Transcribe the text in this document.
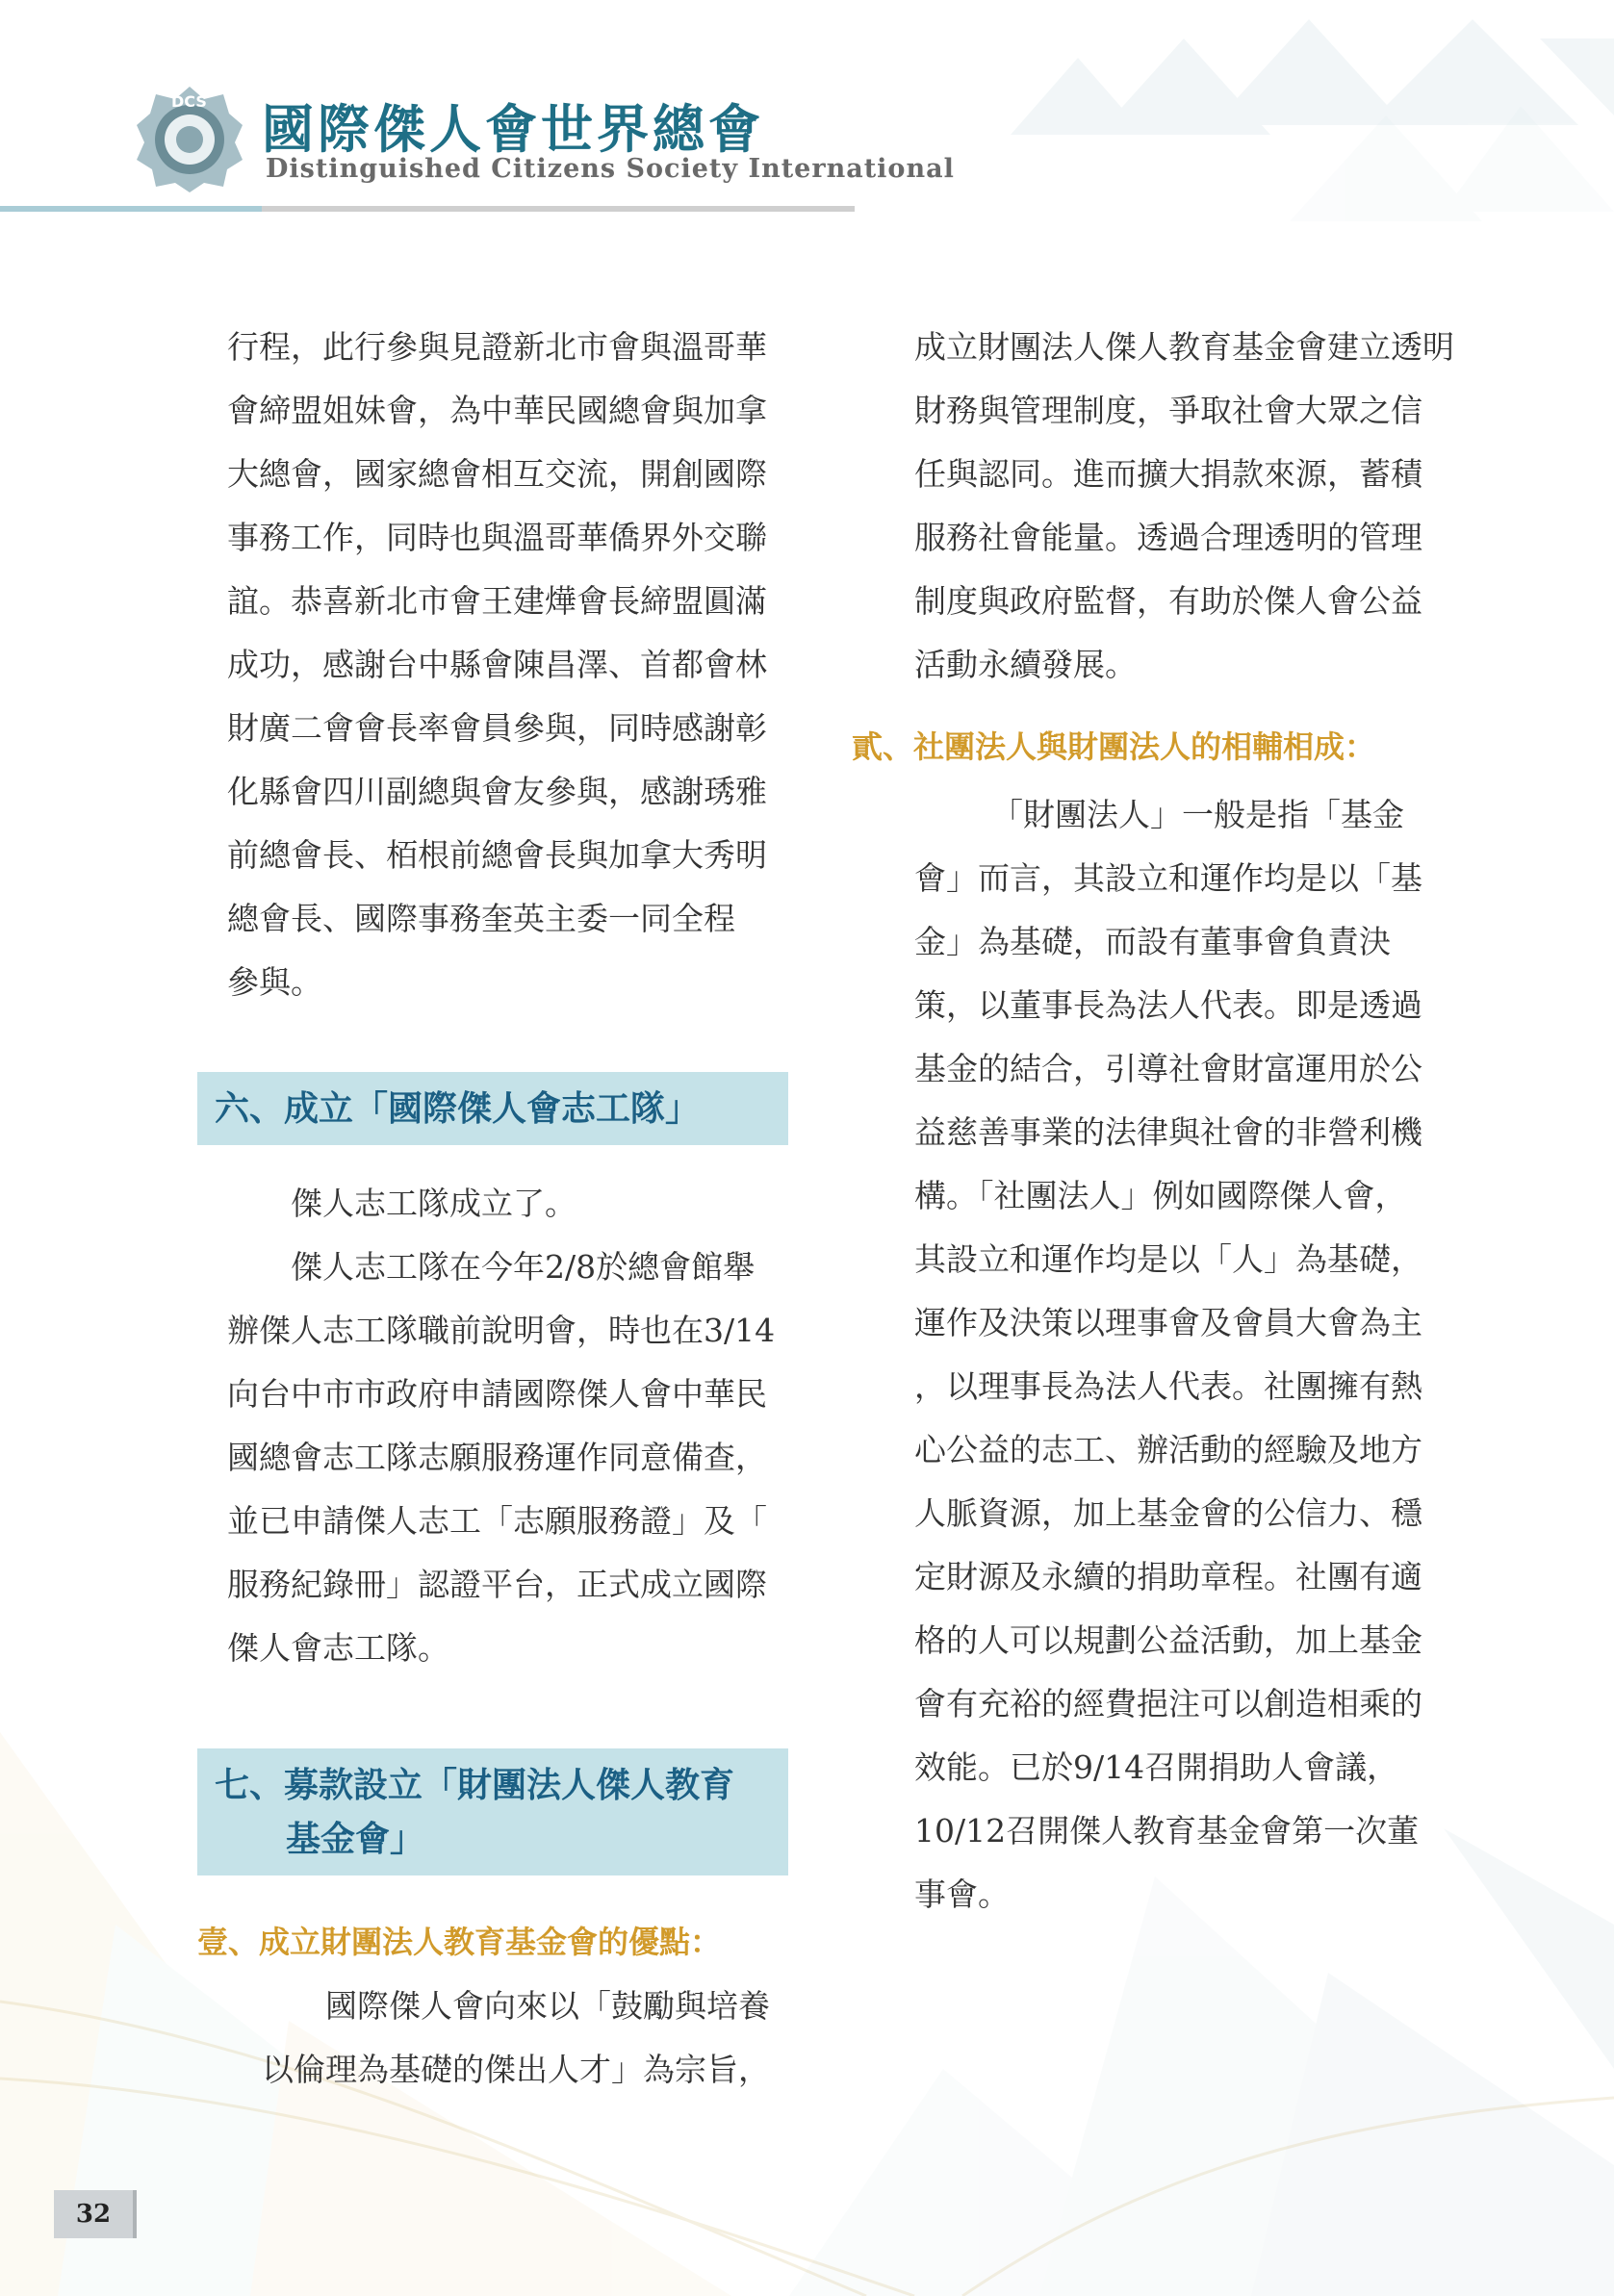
DCS 國際傑人會世界總會
Distinguished Citizens Society International
行程，此行參與見證新北市會與溫哥華
會締盟姐妹會，為中華民國總會與加拿
大總會，國家總會相互交流，開創國際
事務工作，同時也與溫哥華僑界外交聯
誼。恭喜新北市會王建燁會長締盟圓滿
成功，感謝台中縣會陳昌澤、首都會林
財廣二會會長率會員參與，同時感謝彰
化縣會四川副總與會友參與，感謝琇雅
前總會長、栢根前總會長與加拿大秀明
總會長、國際事務奎英主委一同全程
參與。
六、成立「國際傑人會志工隊」
傑人志工隊成立了。
傑人志工隊在今年2/8於總會館舉
辦傑人志工隊職前說明會，時也在3/14
向台中市市政府申請國際傑人會中華民
國總會志工隊志願服務運作同意備查，
並已申請傑人志工「志願服務證」及「
服務紀錄冊」認證平台，正式成立國際
傑人會志工隊。
七、募款設立「財團法人傑人教育
基金會」
壹、成立財團法人教育基金會的優點：
國際傑人會向來以「鼓勵與培養
以倫理為基礎的傑出人才」為宗旨，
成立財團法人傑人教育基金會建立透明
財務與管理制度，爭取社會大眾之信
任與認同。進而擴大捐款來源，蓄積
服務社會能量。透過合理透明的管理
制度與政府監督，有助於傑人會公益
活動永續發展。
貳、社團法人與財團法人的相輔相成：
「財團法人」一般是指「基金
會」而言，其設立和運作均是以「基
金」為基礎，而設有董事會負責決
策，以董事長為法人代表。即是透過
基金的結合，引導社會財富運用於公
益慈善事業的法律與社會的非營利機
構。「社團法人」例如國際傑人會，
其設立和運作均是以「人」為基礎，
運作及決策以理事會及會員大會為主
，以理事長為法人代表。社團擁有熱
心公益的志工、辦活動的經驗及地方
人脈資源，加上基金會的公信力、穩
定財源及永續的捐助章程。社團有適
格的人可以規劃公益活動，加上基金
會有充裕的經費挹注可以創造相乘的
效能。已於9/14召開捐助人會議，
10/12召開傑人教育基金會第一次董
事會。
32
